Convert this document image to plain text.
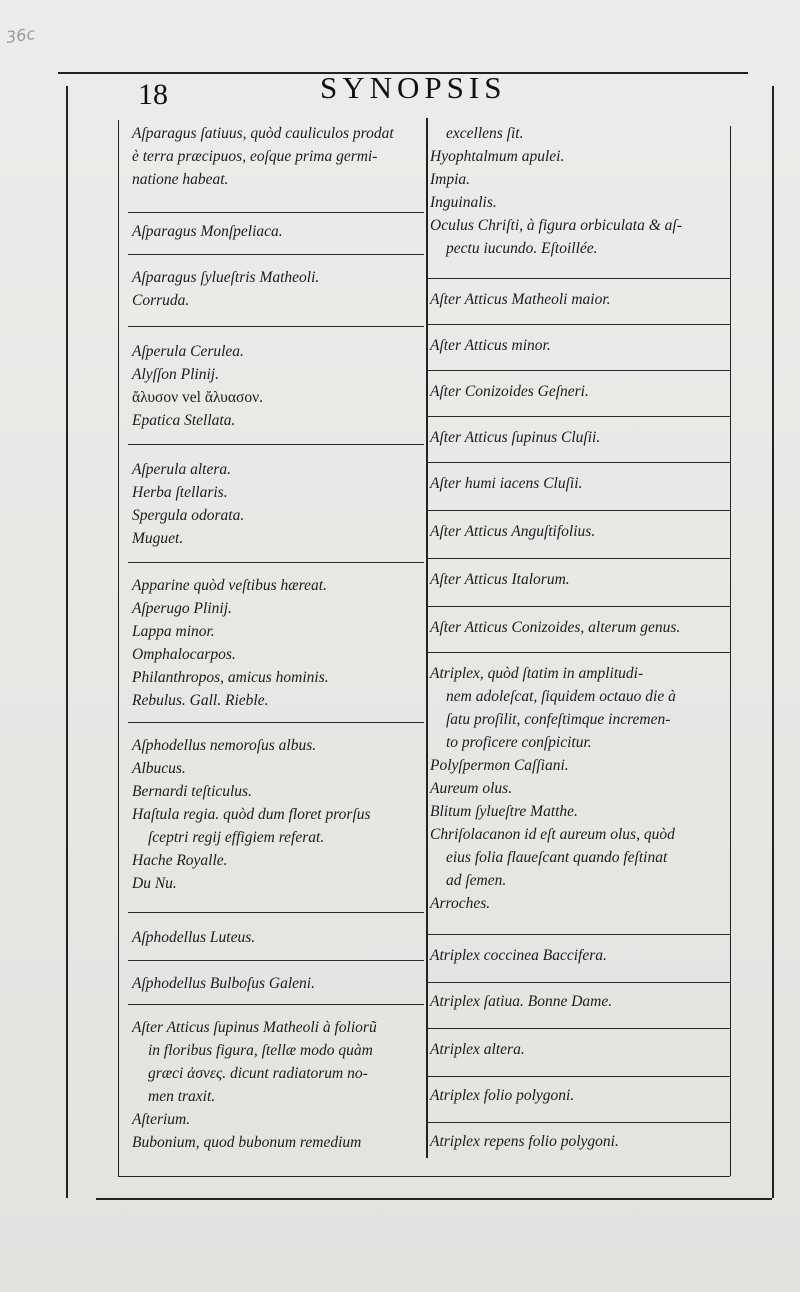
36c
18	SYNOPSIS
Aſparagus ſatiuus, quòd cauliculos prodat
è terra præcipuos, eoſque prima germi-
natione habeat.
Aſparagus Monſpeliaca.
Aſparagus ſylueſtris Matheoli.
Corruda.
Aſperula Cerulea.
Alyſſon Plinij.
ἄλυσον vel ἄλυασον.
Epatica Stellata.
Aſperula altera.
Herba ſtellaris.
Spergula odorata.
Muguet.
Apparine quòd veſtibus hæreat.
Aſperugo Plinij.
Lappa minor.
Omphalocarpos.
Philanthropos, amicus hominis.
Rebulus. Gall. Rieble.
Aſphodellus nemoroſus albus.
Albucus.
Bernardi teſticulus.
Haſtula regia. quòd dum floret prorſus
ſceptri regij effigiem referat.
Hache Royalle.
Du Nu.
Aſphodellus Luteus.
Aſphodellus Bulboſus Galeni.
Aſter Atticus ſupinus Matheoli à foliorũ
in floribus figura, ſtellæ modo quàm
græci ἀσνες. dicunt radiatorum no-
men traxit.
Aſterium.
Bubonium, quod bubonum remedium
excellens ſit.
Hyophtalmum apulei.
Impia.
Inguinalis.
Oculus Chriſti, à figura orbiculata & aſ-
pectu iucundo. Eſtoillée.
Aſter Atticus Matheoli maior.
Aſter Atticus minor.
Aſter Conizoides Geſneri.
Aſter Atticus ſupinus Cluſii.
Aſter humi iacens Cluſii.
Aſter Atticus Anguſtifolius.
Aſter Atticus Italorum.
Aſter Atticus Conizoides, alterum genus.
Atriplex, quòd ſtatim in amplitudi-
nem adoleſcat, ſiquidem octauo die à
ſatu proſilit, confeſtimque incremen-
to proficere conſpicitur.
Polyſpermon Caſſiani.
Aureum olus.
Blitum ſylueſtre Matthe.
Chriſolacanon id eſt aureum olus, quòd
eius folia flaueſcant quando feſtinat
ad ſemen.
Arroches.
Atriplex coccinea Baccifera.
Atriplex ſatiua. Bonne Dame.
Atriplex altera.
Atriplex folio polygoni.
Atriplex repens folio polygoni.
